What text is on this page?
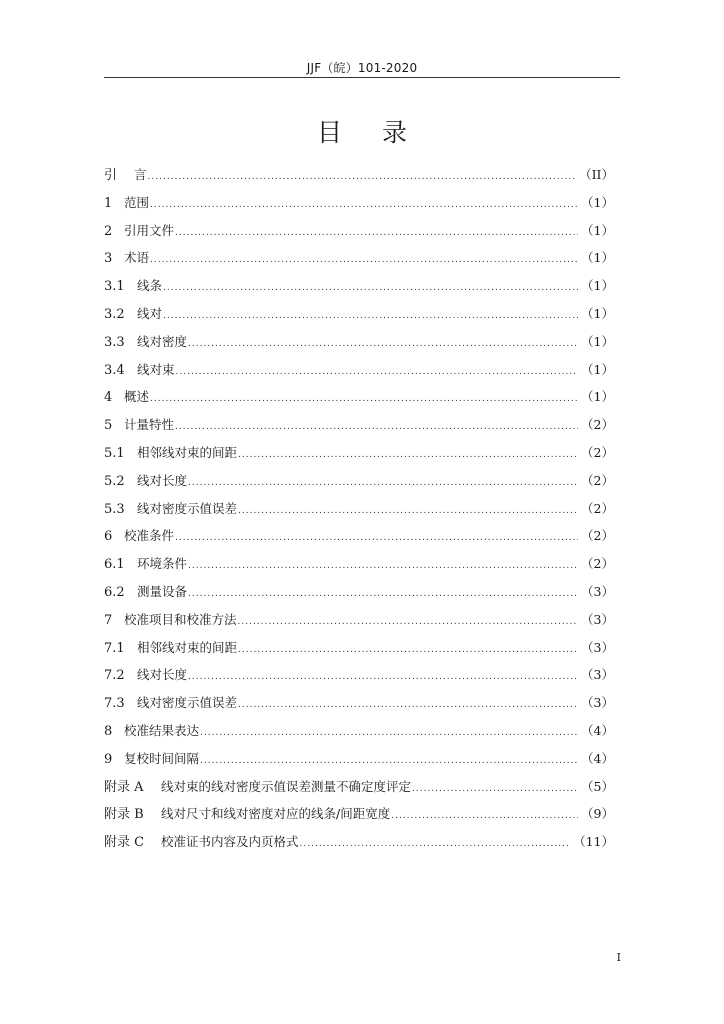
JJF（皖）101-2020
目 录
引	言 .....	（II）
1 范围 .....	（1）
2 引用文件 .....	（1）
3 术语 .....	（1）
3.1 线条 .....	（1）
3.2 线对 .....	（1）
3.3 线对密度 .....	（1）
3.4 线对束 .....	（1）
4 概述 .....	（1）
5 计量特性 .....	（2）
5.1 相邻线对束的间距 .....	（2）
5.2 线对长度 .....	（2）
5.3 线对密度示值误差 .....	（2）
6 校准条件 .....	（2）
6.1 环境条件 .....	（2）
6.2 测量设备 .....	（3）
7 校准项目和校准方法 .....	（3）
7.1 相邻线对束的间距 .....	（3）
7.2 线对长度 .....	（3）
7.3 线对密度示值误差 .....	（3）
8 校准结果表达 .....	（4）
9 复校时间间隔 .....	（4）
附录 A	线对束的线对密度示值误差测量不确定度评定 .....	（5）
附录 B	线对尺寸和线对密度对应的线条/间距宽度 .....	（9）
附录 C	校准证书内容及内页格式 .....	（11）
I
